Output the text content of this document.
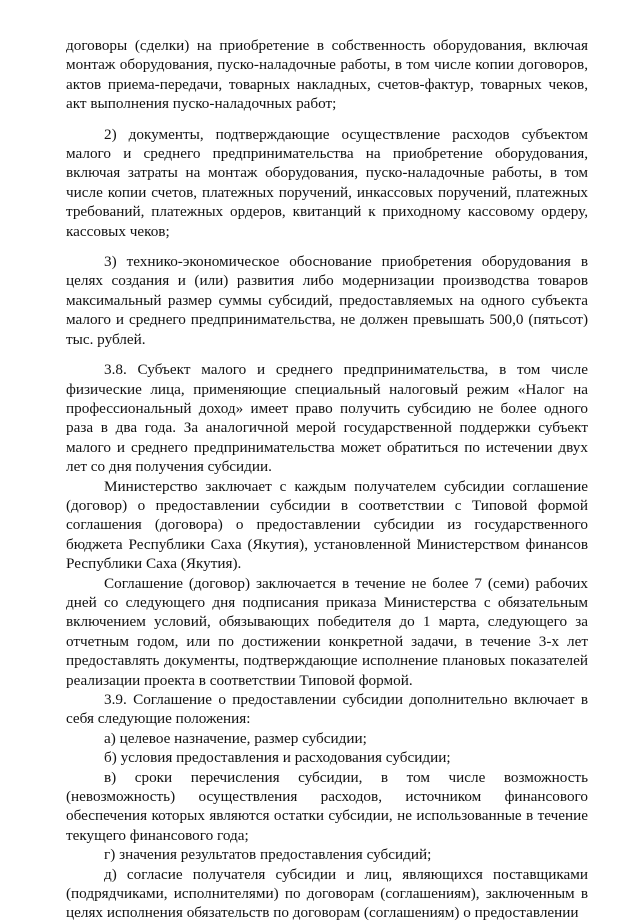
договоры (сделки) на приобретение в собственность оборудования, включая монтаж оборудования, пуско-наладочные работы, в том числе копии договоров, актов приема-передачи, товарных накладных, счетов-фактур, товарных чеков, акт выполнения пуско-наладочных работ;

2) документы, подтверждающие осуществление расходов субъектом малого и среднего предпринимательства на приобретение оборудования, включая затраты на монтаж оборудования, пуско-наладочные работы, в том числе копии счетов, платежных поручений, инкассовых поручений, платежных требований, платежных ордеров, квитанций к приходному кассовому ордеру, кассовых чеков;

3) технико-экономическое обоснование приобретения оборудования в целях создания и (или) развития либо модернизации производства товаров максимальный размер суммы субсидий, предоставляемых на одного субъекта малого и среднего предпринимательства, не должен превышать 500,0 (пятьсот) тыс. рублей.

3.8. Субъект малого и среднего предпринимательства, в том числе физические лица, применяющие специальный налоговый режим «Налог на профессиональный доход» имеет право получить субсидию не более одного раза в два года. За аналогичной мерой государственной поддержки субъект малого и среднего предпринимательства может обратиться по истечении двух лет со дня получения субсидии.

Министерство заключает с каждым получателем субсидии соглашение (договор) о предоставлении субсидии в соответствии с Типовой формой соглашения (договора) о предоставлении субсидии из государственного бюджета Республики Саха (Якутия), установленной Министерством финансов Республики Саха (Якутия).

Соглашение (договор) заключается в течение не более 7 (семи) рабочих дней со следующего дня подписания приказа Министерства с обязательным включением условий, обязывающих победителя до 1 марта, следующего за отчетным годом, или по достижении конкретной задачи, в течение 3-х лет предоставлять документы, подтверждающие исполнение плановых показателей реализации проекта в соответствии Типовой формой.

3.9. Соглашение о предоставлении субсидии дополнительно включает в себя следующие положения:

а) целевое назначение, размер субсидии;

б) условия предоставления и расходования субсидии;

в) сроки перечисления субсидии, в том числе возможность (невозможность) осуществления расходов, источником финансового обеспечения которых являются остатки субсидии, не использованные в течение текущего финансового года;

г) значения результатов предоставления субсидий;

д) согласие получателя субсидии и лиц, являющихся поставщиками (подрядчиками, исполнителями) по договорам (соглашениям), заключенным в целях исполнения обязательств по договорам (соглашениям) о предоставлении
